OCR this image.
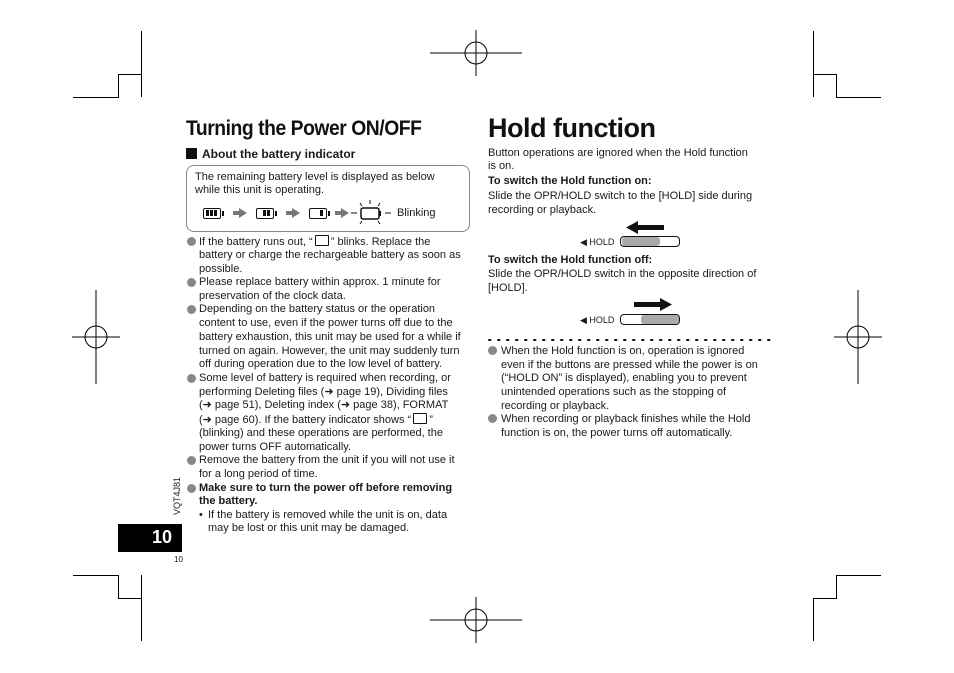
Turning the Power ON/OFF
About the battery indicator
The remaining battery level is displayed as below
while this unit is operating.
Blinking
If the battery runs out, “ ” blinks. Replace the
battery or charge the rechargeable battery as soon as
possible.
Please replace battery within approx. 1 minute for
preservation of the clock data.
Depending on the battery status or the operation
content to use, even if the power turns off due to the
battery exhaustion, this unit may be used for a while if
turned on again. However, the unit may suddenly turn
off during operation due to the low level of battery.
Some level of battery is required when recording, or
performing Deleting files (➜ page 19), Dividing files
(➜ page 51), Deleting index (➜ page 38), FORMAT
(➜ page 60). If the battery indicator shows “ ”
(blinking) and these operations are performed, the
power turns OFF automatically.
Remove the battery from the unit if you will not use it
for a long period of time.
Make sure to turn the power off before removing
the battery.
• If the battery is removed while the unit is on, data
may be lost or this unit may be damaged.
VQT4J81
10
10
Hold function
Button operations are ignored when the Hold function
is on.
To switch the Hold function on:
Slide the OPR/HOLD switch to the [HOLD] side during
recording or playback.
◀ HOLD
To switch the Hold function off:
Slide the OPR/HOLD switch in the opposite direction of
[HOLD].
◀ HOLD
When the Hold function is on, operation is ignored
even if the buttons are pressed while the power is on
(“HOLD ON” is displayed), enabling you to prevent
unintended operations such as the stopping of
recording or playback.
When recording or playback finishes while the Hold
function is on, the power turns off automatically.
